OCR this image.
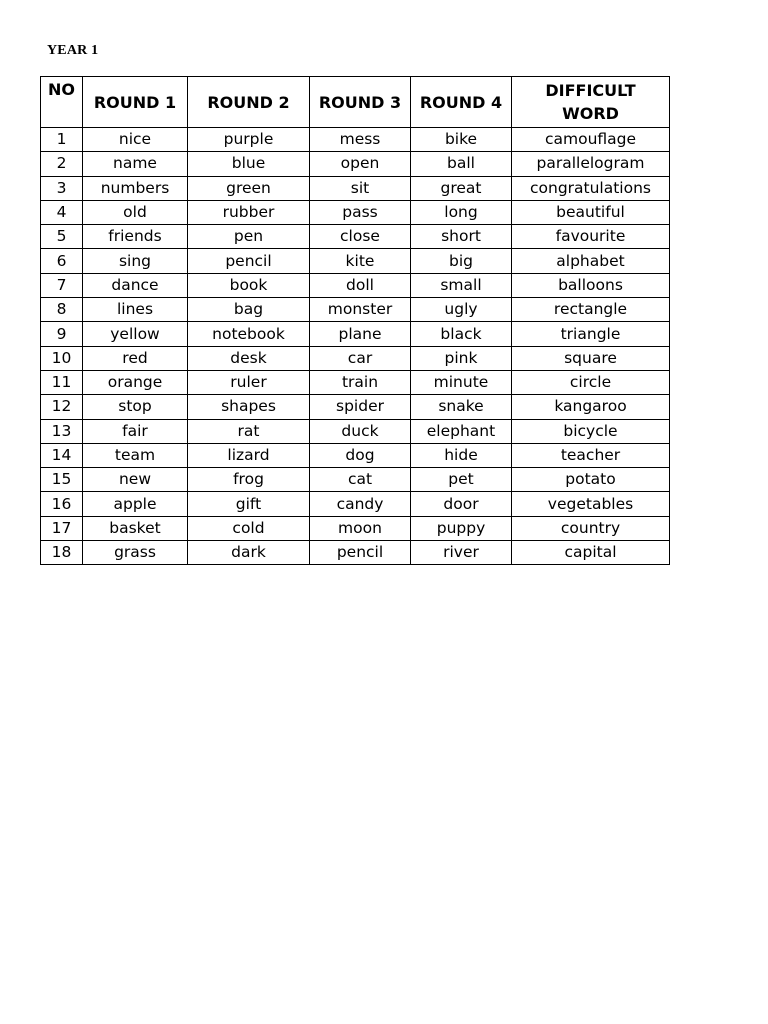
YEAR 1
NO	ROUND 1	ROUND 2	ROUND 3	ROUND 4	DIFFICULT
WORD

1	nice	purple	mess	bike	camouflage
2	name	blue	open	ball	parallelogram
3	numbers	green	sit	great	congratulations
4	old	rubber	pass	long	beautiful
5	friends	pen	close	short	favourite
6	sing	pencil	kite	big	alphabet
7	dance	book	doll	small	balloons
8	lines	bag	monster	ugly	rectangle
9	yellow	notebook	plane	black	triangle
10	red	desk	car	pink	square
11	orange	ruler	train	minute	circle
12	stop	shapes	spider	snake	kangaroo
13	fair	rat	duck	elephant	bicycle
14	team	lizard	dog	hide	teacher
15	new	frog	cat	pet	potato
16	apple	gift	candy	door	vegetables
17	basket	cold	moon	puppy	country
18	grass	dark	pencil	river	capital
